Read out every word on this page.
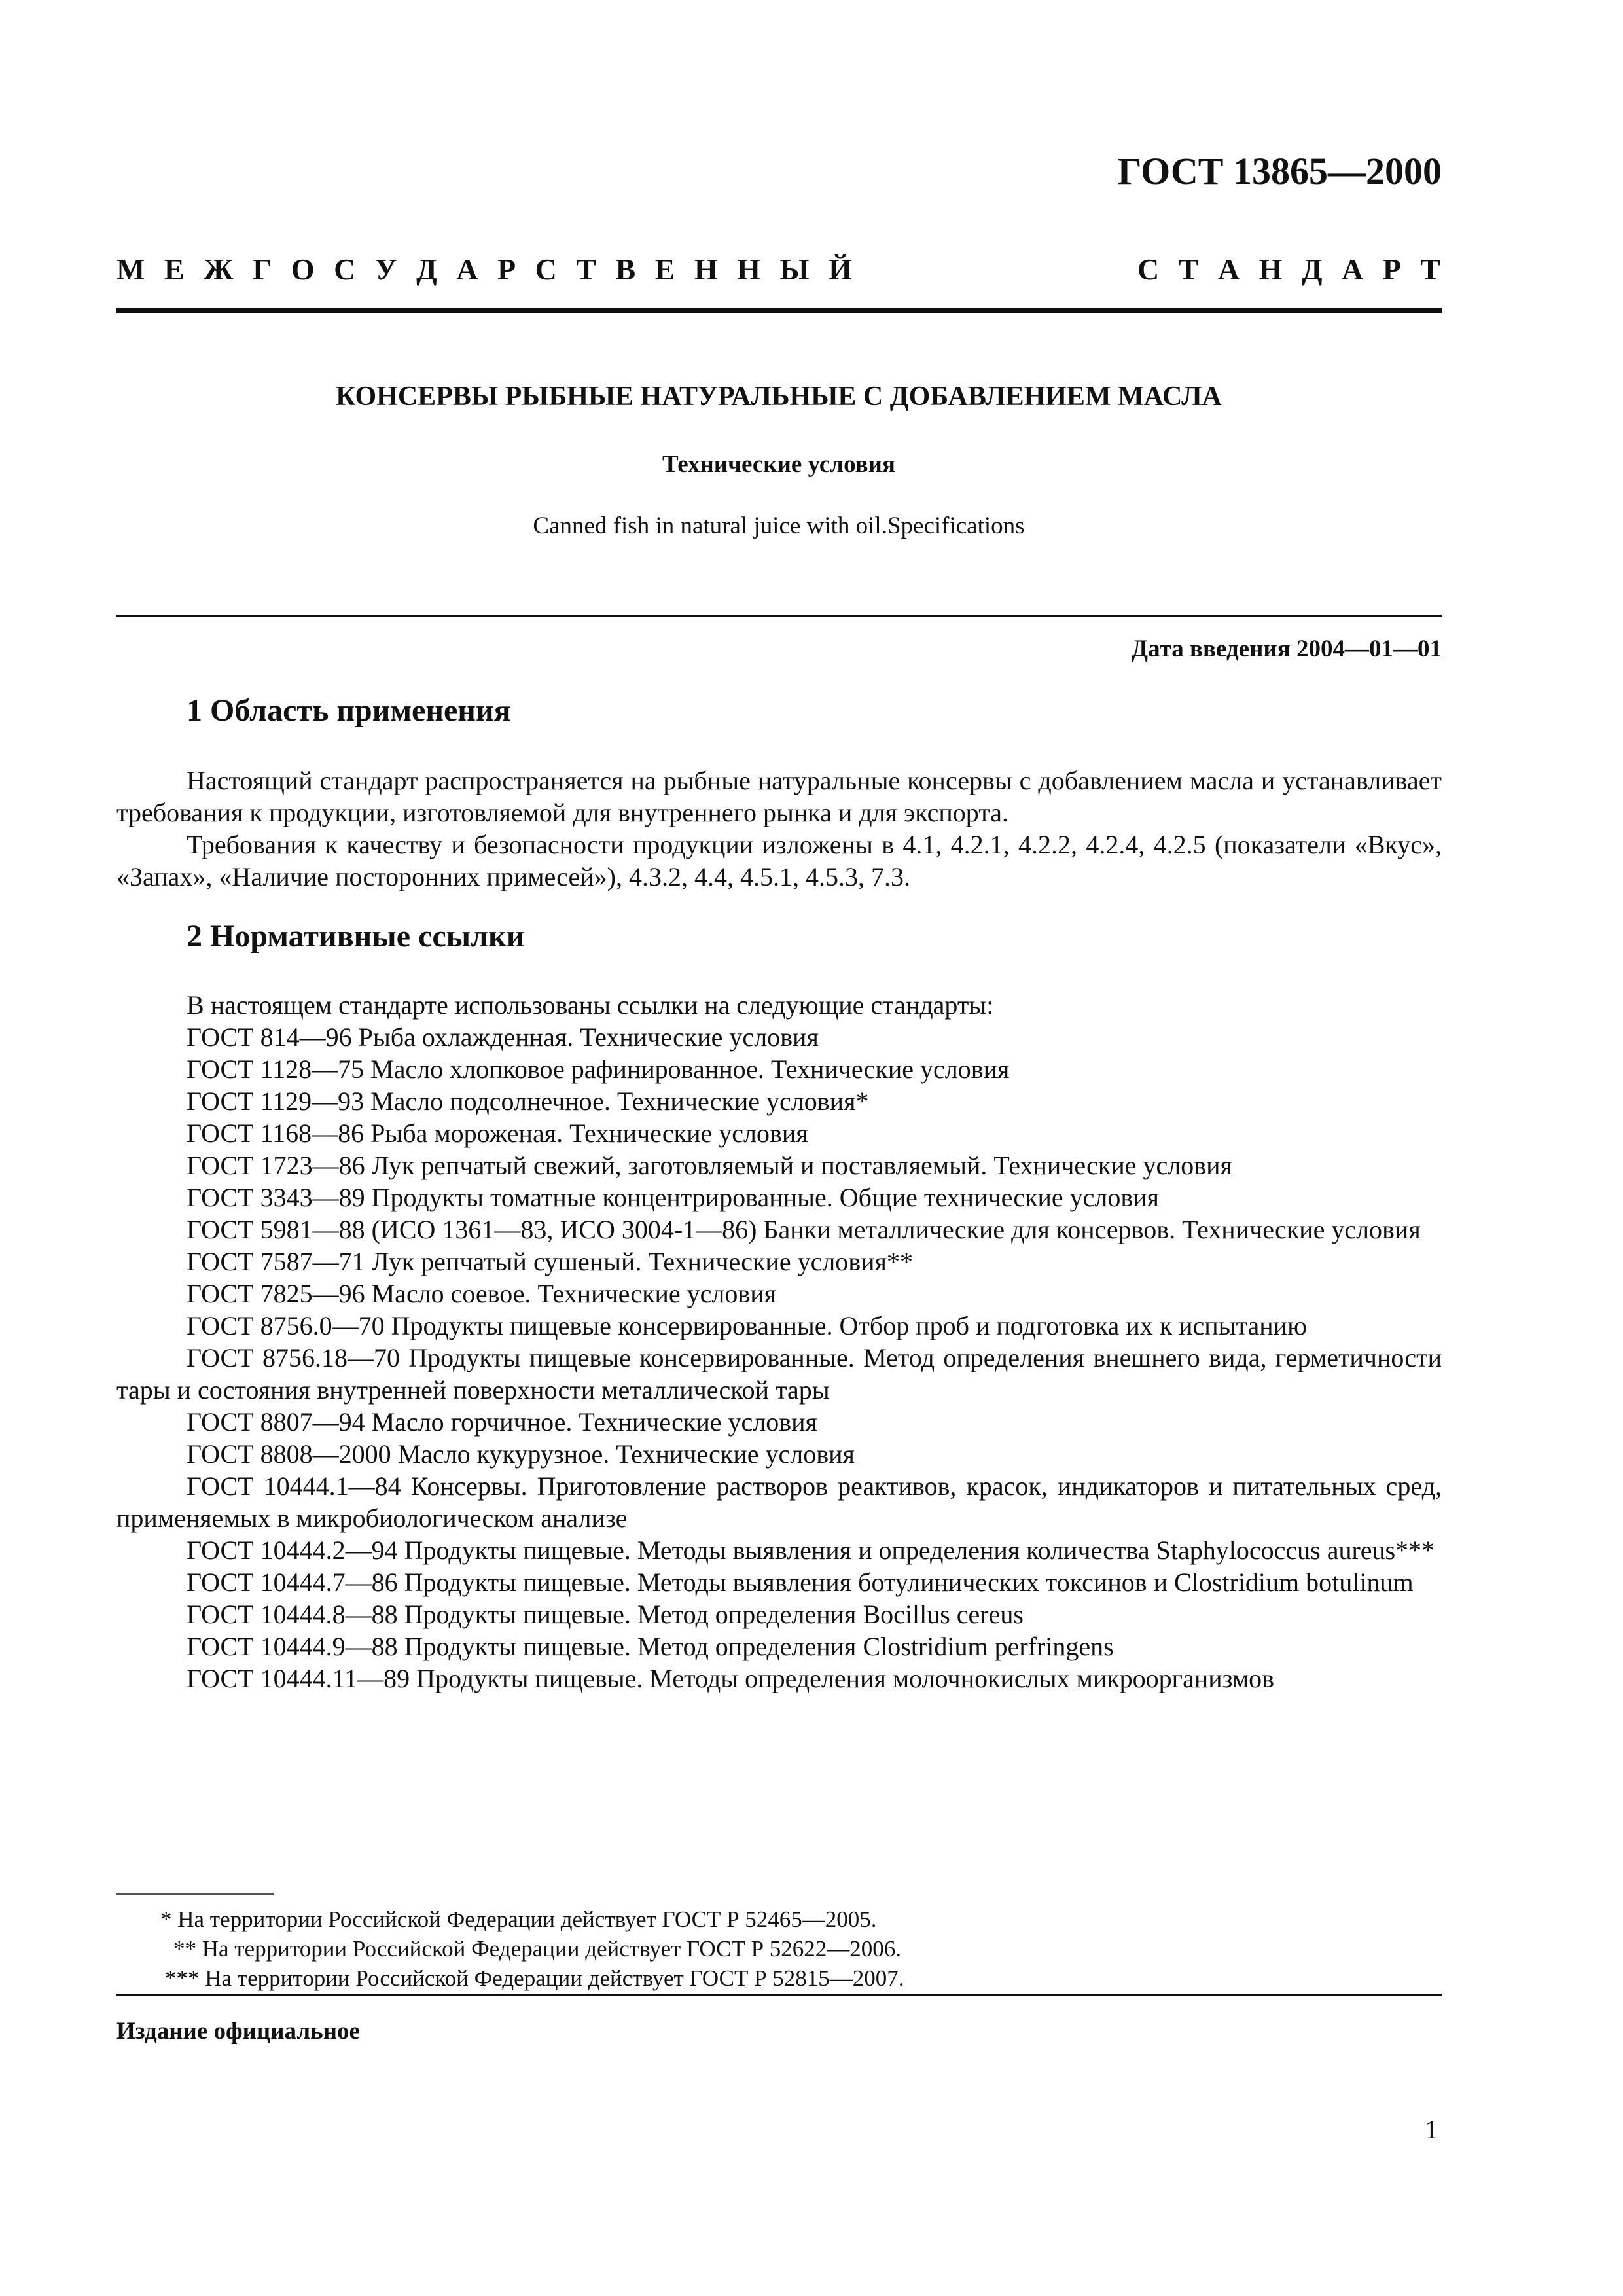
ГОСТ 13865—2000
М Е Ж Г О С У Д А Р С Т В Е Н Н Ы Й	С Т А Н Д А Р Т
КОНСЕРВЫ РЫБНЫЕ НАТУРАЛЬНЫЕ С ДОБАВЛЕНИЕМ МАСЛА
Технические условия
Canned fish in natural juice with oil.Specifications
Дата введения 2004—01—01
1 Область применения

Настоящий стандарт распространяется на рыбные натуральные консервы с добавлением масла и устанавливает требования к продукции, изготовляемой для внутреннего рынка и для экспорта.

Требования к качеству и безопасности продукции изложены в 4.1, 4.2.1, 4.2.2, 4.2.4, 4.2.5 (показатели «Вкус», «Запах», «Наличие посторонних примесей»), 4.3.2, 4.4, 4.5.1, 4.5.3, 7.3.

2 Нормативные ссылки

В настоящем стандарте использованы ссылки на следующие стандарты:

ГОСТ 814—96 Рыба охлажденная. Технические условия

ГОСТ 1128—75 Масло хлопковое рафинированное. Технические условия

ГОСТ 1129—93 Масло подсолнечное. Технические условия*

ГОСТ 1168—86 Рыба мороженая. Технические условия

ГОСТ 1723—86 Лук репчатый свежий, заготовляемый и поставляемый. Технические условия

ГОСТ 3343—89 Продукты томатные концентрированные. Общие технические условия

ГОСТ 5981—88 (ИСО 1361—83, ИСО 3004-1—86) Банки металлические для консервов. Технические условия

ГОСТ 7587—71 Лук репчатый сушеный. Технические условия**

ГОСТ 7825—96 Масло соевое. Технические условия

ГОСТ 8756.0—70 Продукты пищевые консервированные. Отбор проб и подготовка их к испытанию

ГОСТ 8756.18—70 Продукты пищевые консервированные. Метод определения внешнего вида, герметичности тары и состояния внутренней поверхности металлической тары

ГОСТ 8807—94 Масло горчичное. Технические условия

ГОСТ 8808—2000 Масло кукурузное. Технические условия

ГОСТ 10444.1—84 Консервы. Приготовление растворов реактивов, красок, индикаторов и питательных сред, применяемых в микробиологическом анализе

ГОСТ 10444.2—94 Продукты пищевые. Методы выявления и определения количества Staphylococcus aureus***

ГОСТ 10444.7—86 Продукты пищевые. Методы выявления ботулинических токсинов и Clostridium botulinum

ГОСТ 10444.8—88 Продукты пищевые. Метод определения Bocillus cereus

ГОСТ 10444.9—88 Продукты пищевые. Метод определения Clostridium perfringens

ГОСТ 10444.11—89 Продукты пищевые. Методы определения молочнокислых микроорганизмов

* На территории Российской Федерации действует ГОСТ Р 52465—2005.

** На территории Российской Федерации действует ГОСТ Р 52622—2006.

*** На территории Российской Федерации действует ГОСТ Р 52815—2007.

Издание официальное
1
